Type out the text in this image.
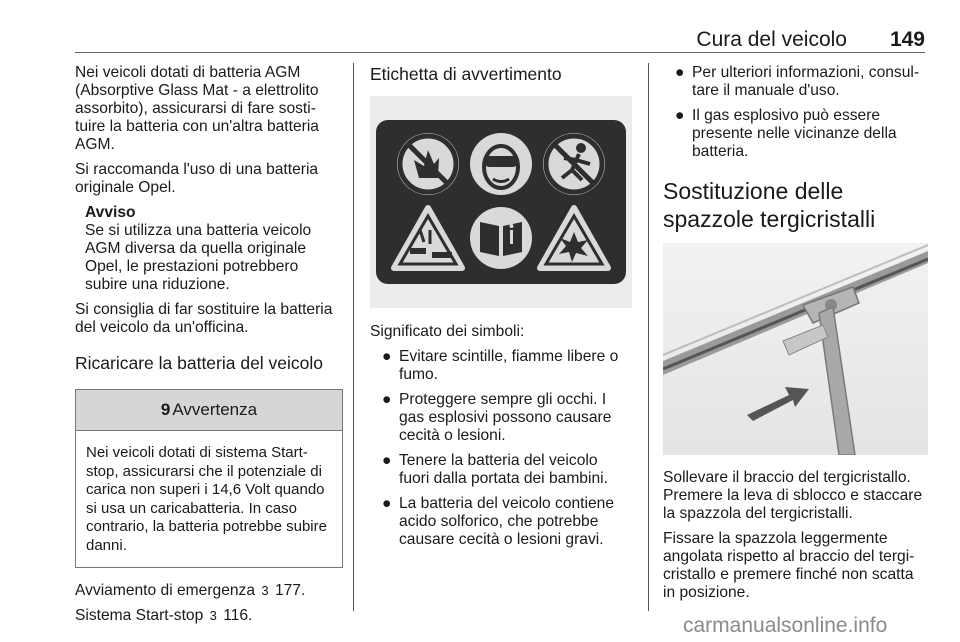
Cura del veicolo 149

Nei veicoli dotati di batteria AGM (Absorptive Glass Mat - a elettrolito assorbito), assicurarsi di fare sosti-tuire la batteria con un'altra batteria AGM.

Si raccomanda l'uso di una batteria originale Opel.

Avviso
Se si utilizza una batteria veicolo AGM diversa da quella originale Opel, le prestazioni potrebbero subire una riduzione.

Si consiglia di far sostituire la batteria del veicolo da un'officina.

Ricaricare la batteria del veicolo
9 Avvertenza
Nei veicoli dotati di sistema Start-stop, assicurarsi che il potenziale di carica non superi i 14,6 Volt quando si usa un caricabatteria. In caso contrario, la batteria potrebbe subire danni.

Avviamento di emergenza 3 177.

Sistema Start-stop 3 116.

Etichetta di avvertimento

Significato dei simboli:

● Evitare scintille, fiamme libere o fumo.
● Proteggere sempre gli occhi. I gas esplosivi possono causare cecità o lesioni.
● Tenere la batteria del veicolo fuori dalla portata dei bambini.
● La batteria del veicolo contiene acido solforico, che potrebbe causare cecità o lesioni gravi.
● Per ulteriori informazioni, consul-tare il manuale d'uso.
● Il gas esplosivo può essere presente nelle vicinanze della batteria.
Sostituzione delle spazzole tergicristalli

Sollevare il braccio del tergicristallo. Premere la leva di sblocco e staccare la spazzola del tergicristalli.

Fissare la spazzola leggermente angolata rispetto al braccio del tergi-cristallo e premere finché non scatta in posizione.

carmanualsonline.info
